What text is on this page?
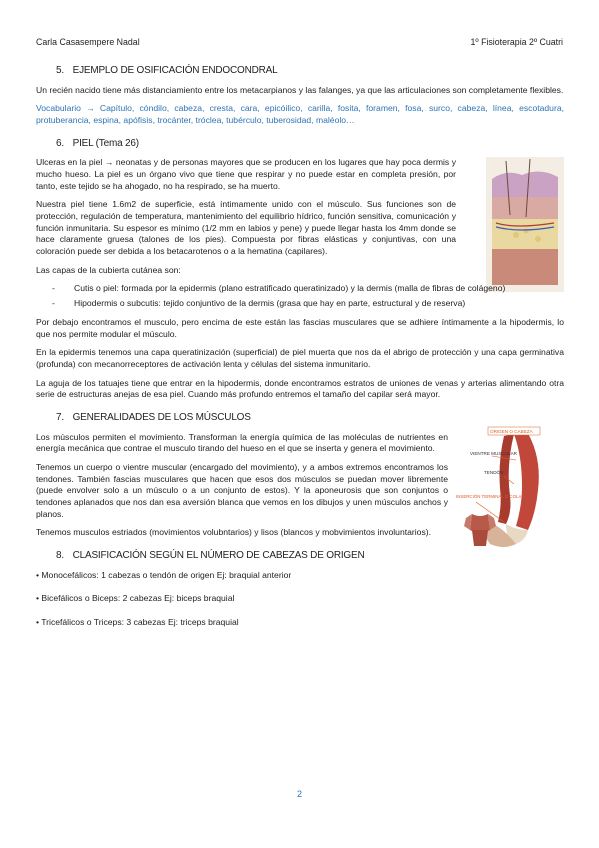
Carla Casasempere Nadal	1º Fisioterapia 2º Cuatri
5. EJEMPLO DE OSIFICACIÓN ENDOCONDRAL

Un recién nacido tiene más distanciamiento entre los metacarpianos y las falanges, ya que las articulaciones son completamente flexibles.

Vocabulario → Capítulo, cóndilo, cabeza, cresta, cara, epicóilico, carilla, fosita, foramen, fosa, surco, cabeza, línea, escotadura, protuberancia, espina, apófisis, trocánter, tróclea, tubérculo, tuberosidad, maléolo…

6. PIEL (Tema 26)

Ulceras en la piel → neonatas y de personas mayores que se producen en los lugares que hay poca dermis y mucho hueso. La piel es un órgano vivo que tiene que respirar y no puede estar en completa presión, por tanto, este tejido se ha ahogado, no ha respirado, se ha muerto.

Nuestra piel tiene 1.6m2 de superficie, está íntimamente unido con el músculo. Sus funciones son de protección, regulación de temperatura, mantenimiento del equilibrio hídrico, función sensitiva, comunicación y función inmunitaria. Su espesor es mínimo (1/2 mm en labios y pene) y puede llegar hasta los 4mm donde se hace claramente gruesa (talones de los pies). Compuesta por fibras elásticas y conjuntivas, con una coloración puede ser debida a los betacarotenos o a la hematina (capilares).

Las capas de la cubierta cutánea son:

- Cutis o piel: formada por la epidermis (plano estratificado queratinizado) y la dermis (malla de fibras de colágeno)
- Hipodermis o subcutis: tejido conjuntivo de la dermis (grasa que hay en parte, estructural y de reserva)

Por debajo encontramos el musculo, pero encima de este están las fascias musculares que se adhiere íntimamente a la hipodermis, lo que nos permite modular el músculo.

En la epidermis tenemos una capa queratinización (superficial) de piel muerta que nos da el abrigo de protección y una capa germinativa (profunda) con mecanorreceptores de activación lenta y células del sistema inmunitario.

La aguja de los tatuajes tiene que entrar en la hipodermis, donde encontramos estratos de uniones de venas y arterias alimentando otra serie de estructuras anejas de esa piel. Cuando más profundo entremos el tamaño del capilar será mayor.

7. GENERALIDADES DE LOS MÚSCULOS

Los músculos permiten el movimiento. Transforman la energía química de las moléculas de nutrientes en energía mecánica que contrae el musculo tirando del hueso en el que se inserta y genera el movimiento.

Tenemos un cuerpo o vientre muscular (encargado del movimiento), y a ambos extremos encontramos los tendones. También fascias musculares que hacen que esos dos músculos se puedan mover libremente (puede envolver solo a un músculo o a un conjunto de estos). Y la aponeurosis que son conjuntos o tendones aplanados que nos dan esa aversión blanca que vemos en los dibujos y unen músculos anchos y planos.

ORIGEN O CABEZA
VIENTRE MUSCULAR
TENDÓN
INSERCIÓN TERMINAL O COLA

Tenemos musculos estriados (movimientos volubntarios) y lisos (blancos y mobvimientos involuntarios).

8. CLASIFICACIÓN SEGÚN EL NÚMERO DE CABEZAS DE ORIGEN

• Monocefálicos: 1 cabezas o tendón de origen Ej: braquial anterior

• Bicefálicos o Biceps: 2 cabezas Ej: biceps braquial

• Tricefálicos o Triceps: 3 cabezas Ej: triceps braquial

2
